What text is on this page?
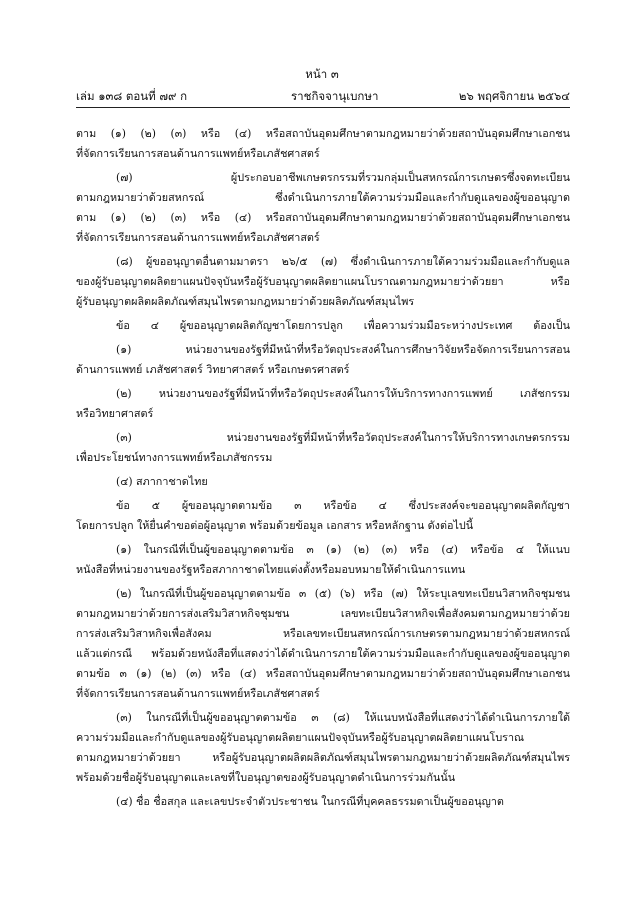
หน้า ๓
เล่ม ๑๓๘ ตอนที่ ๗๙ ก	ราชกิจจานุเบกษา	๒๖ พฤศจิกายน ๒๕๖๔
ตาม (๑) (๒) (๓) หรือ (๔) หรือสถาบันอุดมศึกษาตามกฎหมายว่าด้วยสถาบันอุดมศึกษาเอกชน
ที่จัดการเรียนการสอนด้านการแพทย์หรือเภสัชศาสตร์
(๗) ผู้ประกอบอาชีพเกษตรกรรมที่รวมกลุ่มเป็นสหกรณ์การเกษตรซึ่งจดทะเบียน
ตามกฎหมายว่าด้วยสหกรณ์ ซึ่งดำเนินการภายใต้ความร่วมมือและกำกับดูแลของผู้ขออนุญาต
ตาม (๑) (๒) (๓) หรือ (๔) หรือสถาบันอุดมศึกษาตามกฎหมายว่าด้วยสถาบันอุดมศึกษาเอกชน
ที่จัดการเรียนการสอนด้านการแพทย์หรือเภสัชศาสตร์
(๘) ผู้ขออนุญาตอื่นตามมาตรา ๒๖/๕ (๗) ซึ่งดำเนินการภายใต้ความร่วมมือและกำกับดูแล
ของผู้รับอนุญาตผลิตยาแผนปัจจุบันหรือผู้รับอนุญาตผลิตยาแผนโบราณตามกฎหมายว่าด้วยยา หรือ
ผู้รับอนุญาตผลิตผลิตภัณฑ์สมุนไพรตามกฎหมายว่าด้วยผลิตภัณฑ์สมุนไพร
ข้อ ๔ ผู้ขออนุญาตผลิตกัญชาโดยการปลูก เพื่อความร่วมมือระหว่างประเทศ ต้องเป็น
(๑) หน่วยงานของรัฐที่มีหน้าที่หรือวัตถุประสงค์ในการศึกษาวิจัยหรือจัดการเรียนการสอน
ด้านการแพทย์ เภสัชศาสตร์ วิทยาศาสตร์ หรือเกษตรศาสตร์
(๒) หน่วยงานของรัฐที่มีหน้าที่หรือวัตถุประสงค์ในการให้บริการทางการแพทย์ เภสัชกรรม
หรือวิทยาศาสตร์
(๓) หน่วยงานของรัฐที่มีหน้าที่หรือวัตถุประสงค์ในการให้บริการทางเกษตรกรรม
เพื่อประโยชน์ทางการแพทย์หรือเภสัชกรรม
(๔) สภากาชาดไทย
ข้อ ๕ ผู้ขออนุญาตตามข้อ ๓ หรือข้อ ๔ ซึ่งประสงค์จะขออนุญาตผลิตกัญชา
โดยการปลูก ให้ยื่นคำขอต่อผู้อนุญาต พร้อมด้วยข้อมูล เอกสาร หรือหลักฐาน ดังต่อไปนี้
(๑) ในกรณีที่เป็นผู้ขออนุญาตตามข้อ ๓ (๑) (๒) (๓) หรือ (๔) หรือข้อ ๔ ให้แนบ
หนังสือที่หน่วยงานของรัฐหรือสภากาชาดไทยแต่งตั้งหรือมอบหมายให้ดำเนินการแทน
(๒) ในกรณีที่เป็นผู้ขออนุญาตตามข้อ ๓ (๕) (๖) หรือ (๗) ให้ระบุเลขทะเบียนวิสาหกิจชุมชน
ตามกฎหมายว่าด้วยการส่งเสริมวิสาหกิจชุมชน เลขทะเบียนวิสาหกิจเพื่อสังคมตามกฎหมายว่าด้วย
การส่งเสริมวิสาหกิจเพื่อสังคม หรือเลขทะเบียนสหกรณ์การเกษตรตามกฎหมายว่าด้วยสหกรณ์
แล้วแต่กรณี พร้อมด้วยหนังสือที่แสดงว่าได้ดำเนินการภายใต้ความร่วมมือและกำกับดูแลของผู้ขออนุญาต
ตามข้อ ๓ (๑) (๒) (๓) หรือ (๔) หรือสถาบันอุดมศึกษาตามกฎหมายว่าด้วยสถาบันอุดมศึกษาเอกชน
ที่จัดการเรียนการสอนด้านการแพทย์หรือเภสัชศาสตร์
(๓) ในกรณีที่เป็นผู้ขออนุญาตตามข้อ ๓ (๘) ให้แนบหนังสือที่แสดงว่าได้ดำเนินการภายใต้
ความร่วมมือและกำกับดูแลของผู้รับอนุญาตผลิตยาแผนปัจจุบันหรือผู้รับอนุญาตผลิตยาแผนโบราณ
ตามกฎหมายว่าด้วยยา หรือผู้รับอนุญาตผลิตผลิตภัณฑ์สมุนไพรตามกฎหมายว่าด้วยผลิตภัณฑ์สมุนไพร
พร้อมด้วยชื่อผู้รับอนุญาตและเลขที่ใบอนุญาตของผู้รับอนุญาตดำเนินการร่วมกันนั้น
(๔) ชื่อ ชื่อสกุล และเลขประจำตัวประชาชน ในกรณีที่บุคคลธรรมดาเป็นผู้ขออนุญาต
